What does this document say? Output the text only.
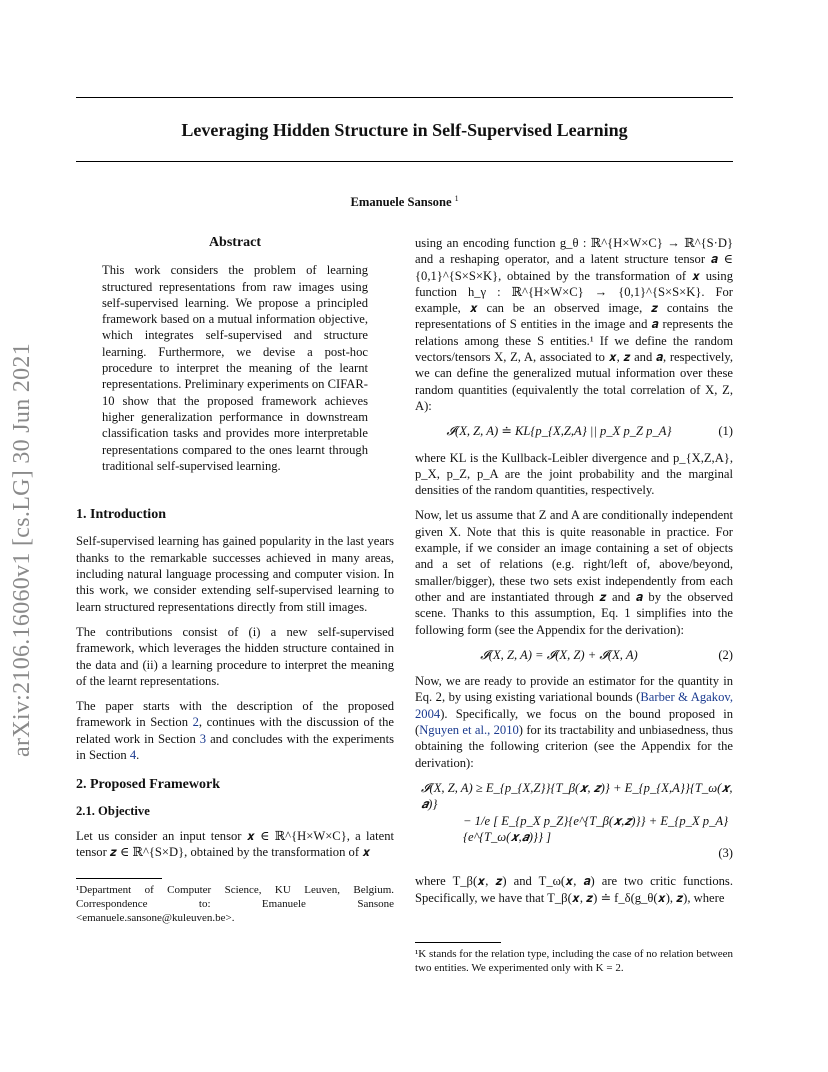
arXiv:2106.16060v1 [cs.LG] 30 Jun 2021
Leveraging Hidden Structure in Self-Supervised Learning
Emanuele Sansone $^1$
Abstract
This work considers the problem of learning structured representations from raw images using self-supervised learning. We propose a principled framework based on a mutual information objective, which integrates self-supervised and structure learning. Furthermore, we devise a post-hoc procedure to interpret the meaning of the learnt representations. Preliminary experiments on CIFAR-10 show that the proposed framework achieves higher generalization performance in downstream classification tasks and provides more interpretable representations compared to the ones learnt through traditional self-supervised learning.
1. Introduction

Self-supervised learning has gained popularity in the last years thanks to the remarkable successes achieved in many areas, including natural language processing and computer vision. In this work, we consider extending self-supervised learning to learn structured representations directly from still images.

The contributions consist of (i) a new self-supervised framework, which leverages the hidden structure contained in the data and (ii) a learning procedure to interpret the meaning of the learnt representations.

The paper starts with the description of the proposed framework in Section 2, continues with the discussion of the related work in Section 3 and concludes with the experiments in Section 4.

2. Proposed Framework
2.1. Objective

Let us consider an input tensor 𝒙 ∈ ℝ^{H×W×C}, a latent tensor 𝒛 ∈ ℝ^{S×D}, obtained by the transformation of 𝒙

¹Department of Computer Science, KU Leuven, Belgium. Correspondence to: Emanuele Sansone <emanuele.sansone@kuleuven.be>.

using an encoding function g_θ : ℝ^{H×W×C} → ℝ^{S·D} and a reshaping operator, and a latent structure tensor 𝒂 ∈ {0,1}^{S×S×K}, obtained by the transformation of 𝒙 using function h_γ : ℝ^{H×W×C} → {0,1}^{S×S×K}. For example, 𝒙 can be an observed image, 𝒛 contains the representations of S entities in the image and 𝒂 represents the relations among these S entities.¹ If we define the random vectors/tensors X, Z, A, associated to 𝒙, 𝒛 and 𝒂, respectively, we can define the generalized mutual information over these random quantities (equivalently the total correlation of X, Z, A):

𝓘(X, Z, A) ≐ KL{p_{X,Z,A} || p_X p_Z p_A}	(1)

where KL is the Kullback-Leibler divergence and p_{X,Z,A}, p_X, p_Z, p_A are the joint probability and the marginal densities of the random quantities, respectively.

Now, let us assume that Z and A are conditionally independent given X. Note that this is quite reasonable in practice. For example, if we consider an image containing a set of objects and a set of relations (e.g. right/left of, above/beyond, smaller/bigger), these two sets exist independently from each other and are instantiated through 𝒛 and 𝒂 by the observed scene. Thanks to this assumption, Eq. 1 simplifies into the following form (see the Appendix for the derivation):

𝓘(X, Z, A) = 𝓘(X, Z) + 𝓘(X, A)	(2)

Now, we are ready to provide an estimator for the quantity in Eq. 2, by using existing variational bounds (Barber & Agakov, 2004). Specifically, we focus on the bound proposed in (Nguyen et al., 2010) for its tractability and unbiasedness, thus obtaining the following criterion (see the Appendix for the derivation):

𝓘(X, Z, A) ≥ E_{p_{X,Z}}{T_β(𝒙, 𝒛)} + E_{p_{X,A}}{T_ω(𝒙, 𝒂)}
− 1/e [ E_{p_X p_Z}{e^{T_β(𝒙,𝒛)}} + E_{p_X p_A}{e^{T_ω(𝒙,𝒂)}} ]
(3)

where T_β(𝒙, 𝒛) and T_ω(𝒙, 𝒂) are two critic functions. Specifically, we have that T_β(𝒙, 𝒛) ≐ f_δ(g_θ(𝒙), 𝒛), where

¹K stands for the relation type, including the case of no relation between two entities. We experimented only with K = 2.
